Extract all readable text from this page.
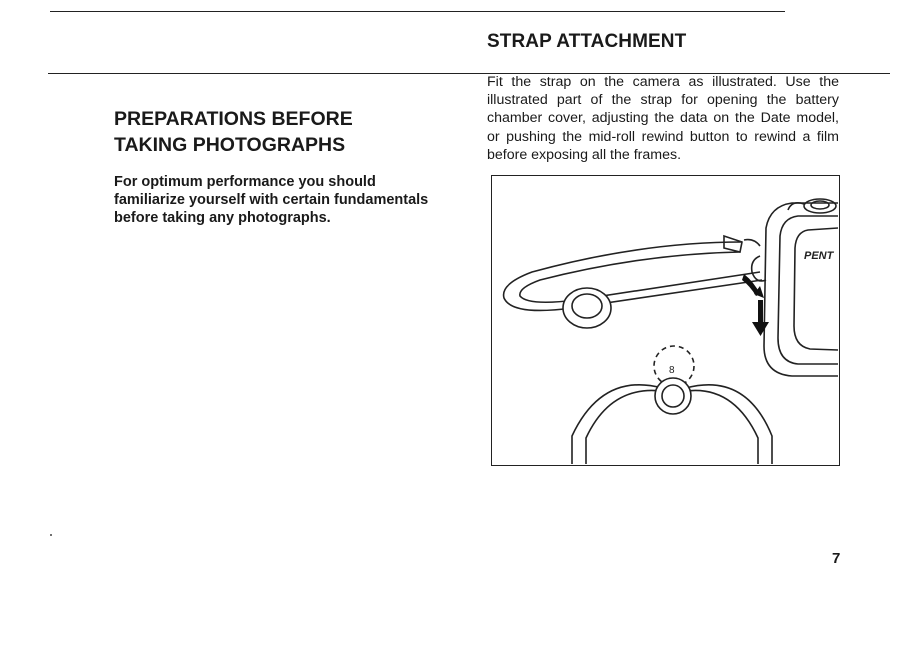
STRAP ATTACHMENT
PREPARATIONS BEFORE
TAKING PHOTOGRAPHS
For optimum performance you should familiarize yourself with certain fundamentals before taking any photographs.
Fit the strap on the camera as illustrated. Use the illustrated part of the strap for opening the battery chamber cover, adjusting the data on the Date model, or pushing the mid-roll rewind button to rewind a film before exposing all the frames.
PENT
8
7
